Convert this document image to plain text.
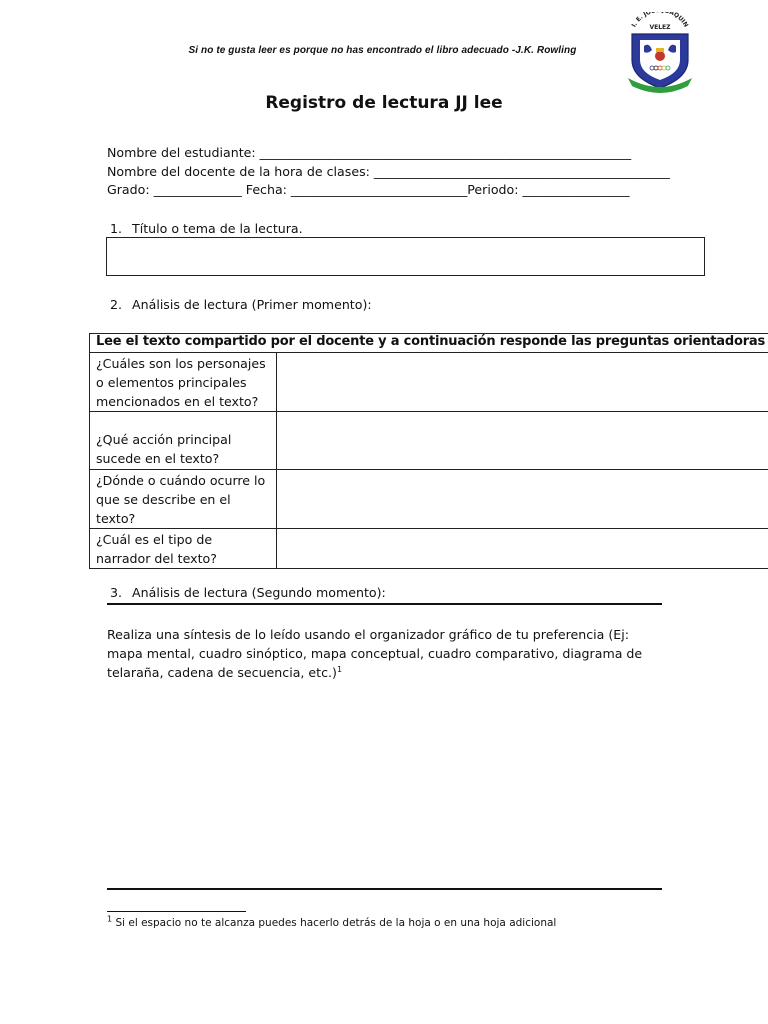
Si no te gusta leer es porque no has encontrado el libro adecuado -J.K. Rowling
I. E. JO AQUIN
VELEZ
Registro de lectura JJ lee
Nombre del estudiante: ___________________________________________________________
Nombre del docente de la hora de clases: _______________________________________________
Grado: ______________ Fecha: ____________________________Periodo: _________________
1. Título o tema de la lectura.
2. Análisis de lectura (Primer momento):
Lee el texto compartido por el docente y a continuación responde las preguntas orientadoras	
¿Cuáles son los personajes o elementos principales mencionados en el texto?	
¿Qué acción principal sucede en el texto?	
¿Dónde o cuándo ocurre lo que se describe en el texto?	
¿Cuál es el tipo de narrador del texto?	
3. Análisis de lectura (Segundo momento):
Realiza una síntesis de lo leído usando el organizador gráfico de tu preferencia (Ej: mapa mental, cuadro sinóptico, mapa conceptual, cuadro comparativo, diagrama de telaraña, cadena de secuencia, etc.)$^1$
$^1$ Si el espacio no te alcanza puedes hacerlo detrás de la hoja o en una hoja adicional
